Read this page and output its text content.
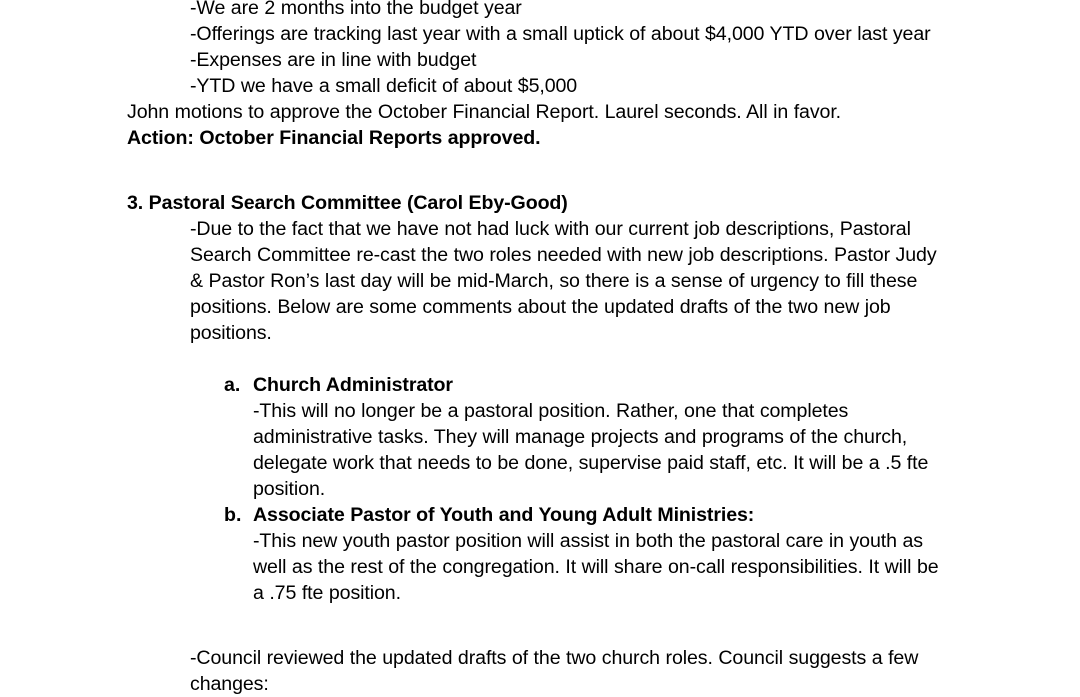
-We are 2 months into the budget year

-Offerings are tracking last year with a small uptick of about $4,000 YTD over last year

-Expenses are in line with budget

-YTD we have a small deficit of about $5,000

John motions to approve the October Financial Report. Laurel seconds. All in favor.

Action: October Financial Reports approved.

3. Pastoral Search Committee (Carol Eby-Good)

-Due to the fact that we have not had luck with our current job descriptions, Pastoral Search Committee re-cast the two roles needed with new job descriptions. Pastor Judy & Pastor Ron’s last day will be mid-March, so there is a sense of urgency to fill these positions. Below are some comments about the updated drafts of the two new job positions.

a. Church Administrator
-This will no longer be a pastoral position. Rather, one that completes administrative tasks. They will manage projects and programs of the church, delegate work that needs to be done, supervise paid staff, etc. It will be a .5 fte position.
b. Associate Pastor of Youth and Young Adult Ministries:
-This new youth pastor position will assist in both the pastoral care in youth as well as the rest of the congregation. It will share on-call responsibilities. It will be a .75 fte position.

-Council reviewed the updated drafts of the two church roles. Council suggests a few changes:
